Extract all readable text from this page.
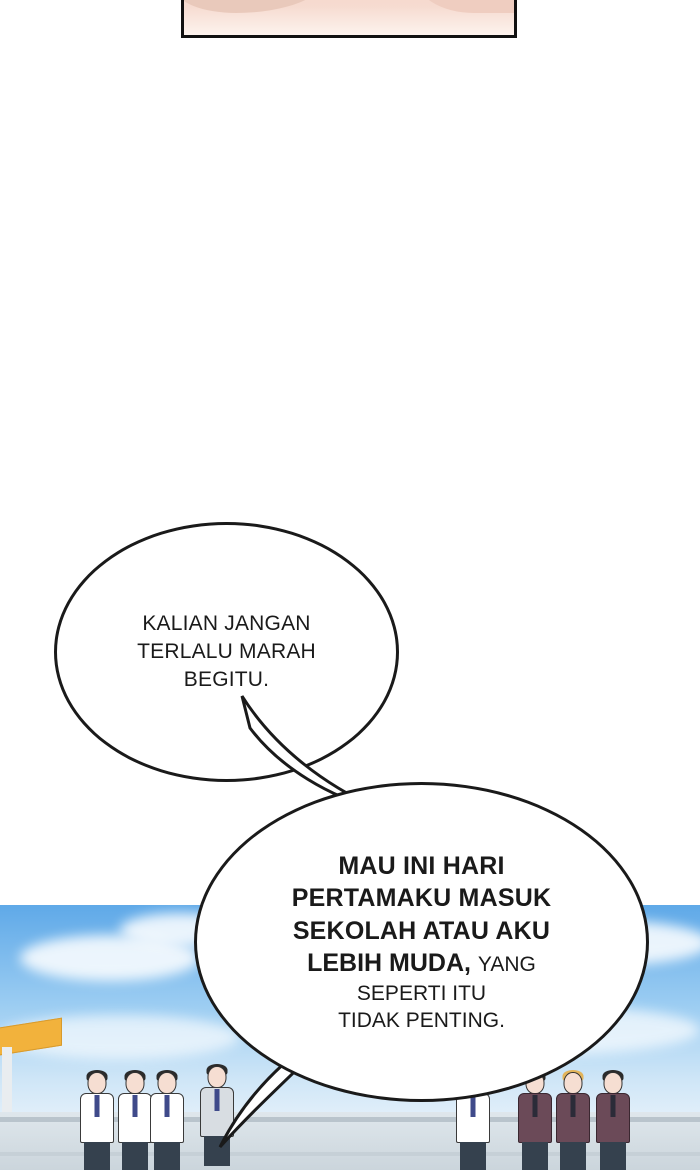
KALIAN JANGAN
TERLALU MARAH
BEGITU.
MAU INI HARI
PERTAMAKU MASUK
SEKOLAH ATAU AKU
LEBIH MUDA, YANG
SEPERTI ITU
TIDAK PENTING.
